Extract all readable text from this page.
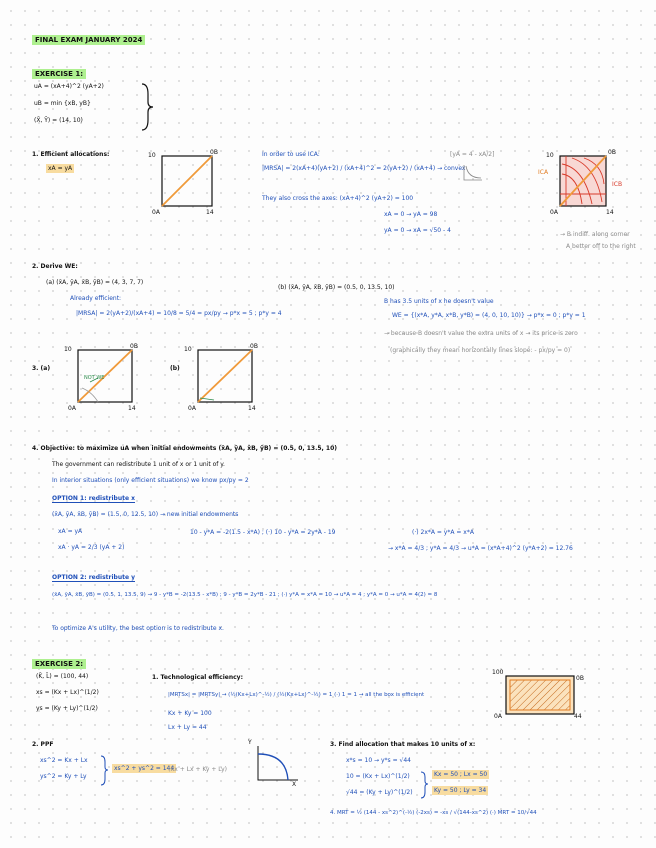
FINAL EXAM JANUARY 2024
EXERCISE 1:
uA = (xA+4)^2 (yA+2)
uB = min {xB, yB}
(X̄, Ȳ) = (14, 10)
1. Efficient allocations:
xA = yA
10	0B
0A	14
In order to use ICA:
|MRSA| = 2(xA+4)(yA+2) / (xA+4)^2 = 2(yA+2) / (xA+4) → convex
[yA = 4 - xA/2]
They also cross the axes: (xA+4)^2 (yA+2) = 100
xA = 0 → yA = 98
yA = 0 → xA = √50 - 4
ICA
ICB
10	0B
0A	14
→ B indiff. along corner
A better off to the right
2. Derive WE:
(a) (x̄A, ȳA, x̄B, ȳB) = (4, 3, 7, 7)
Already efficient:
|MRSA| = 2(yA+2)/(xA+4) = 10/8 = 5/4 = px/py → p*x = 5 ; p*y = 4
(b) (x̄A, ȳA, x̄B, ȳB) = (0.5, 0, 13.5, 10)
B has 3.5 units of x he doesn't value
WE = {(x*A, y*A, x*B, y*B) = (4, 0, 10, 10)} → p*x = 0 ; p*y = 1
→ because B doesn't value the extra units of x → its price is zero
(graphically they mean horizontally lines slope: - px/py = 0)
3. (a)
NOT WE
10	0B
0A	14
(b)
10	0B
0A	14
4. Objective: to maximize uA when initial endowments (x̄A, ȳA, x̄B, ȳB) = (0.5, 0, 13.5, 10)
The government can redistribute 1 unit of x or 1 unit of y.
In interior situations (only efficient situations) we know px/py = 2
OPTION 1: redistribute x
(x̄A, ȳA, x̄B, ȳB) = (1.5, 0, 12.5, 10) → new initial endowments
xA = yA
xA · yA = 2/3 (yA + 2)
10 - y*A = -2(1.5 - x*A) ; (·) 10 - y*A = 2y*A - 19	(·) 2x*A = y*A = x*A
→ x*A = 4/3 ; y*A = 4/3 → u*A = (x*A+4)^2 (y*A+2) = 12.76
OPTION 2: redistribute y
(x̄A, ȳA, x̄B, ȳB) = (0.5, 1, 13.5, 9) → 9 - y*B = -2(13.5 - x*B) ; 9 - y*B = 2y*B - 21 ; (·) y*A = x*A = 10 → u*A = 4 ; y*A = 0 → u*A = 4(2) = 8
To optimize A's utility, the best option is to redistribute x.
EXERCISE 2:
(K̄, L̄) = (100, 44)
xs = (Kx + Lx)^(1/2)
ys = (Ky + Ly)^(1/2)
1. Technological efficiency:
|MRTSx| = |MRTSy| → (½(Kx+Lx)^-½) / (½(Kx+Lx)^-½) = 1 (·) 1 = 1 → all the box is efficient
Kx + Ky = 100
Lx + Ly = 44
100
0B
0A	44
2. PPF
xs^2 = Kx + Lx
ys^2 = Ky + Ly
xs^2 + ys^2 = 144
(Kx + Lx + Ky + Ly)
Y
X
3. Find allocation that makes 10 units of x:
x*s = 10 → y*s = √44
10 = (Kx + Lx)^(1/2)
√44 = (Ky + Ly)^(1/2)
Kx = 50 ; Lx = 50
Ky = 50 ; Ly = 34
4. MRT = ½ (144 - xs^2)^(-½) (-2xs) = -xs / √(144-xs^2) (·) MRT = 10/√44
